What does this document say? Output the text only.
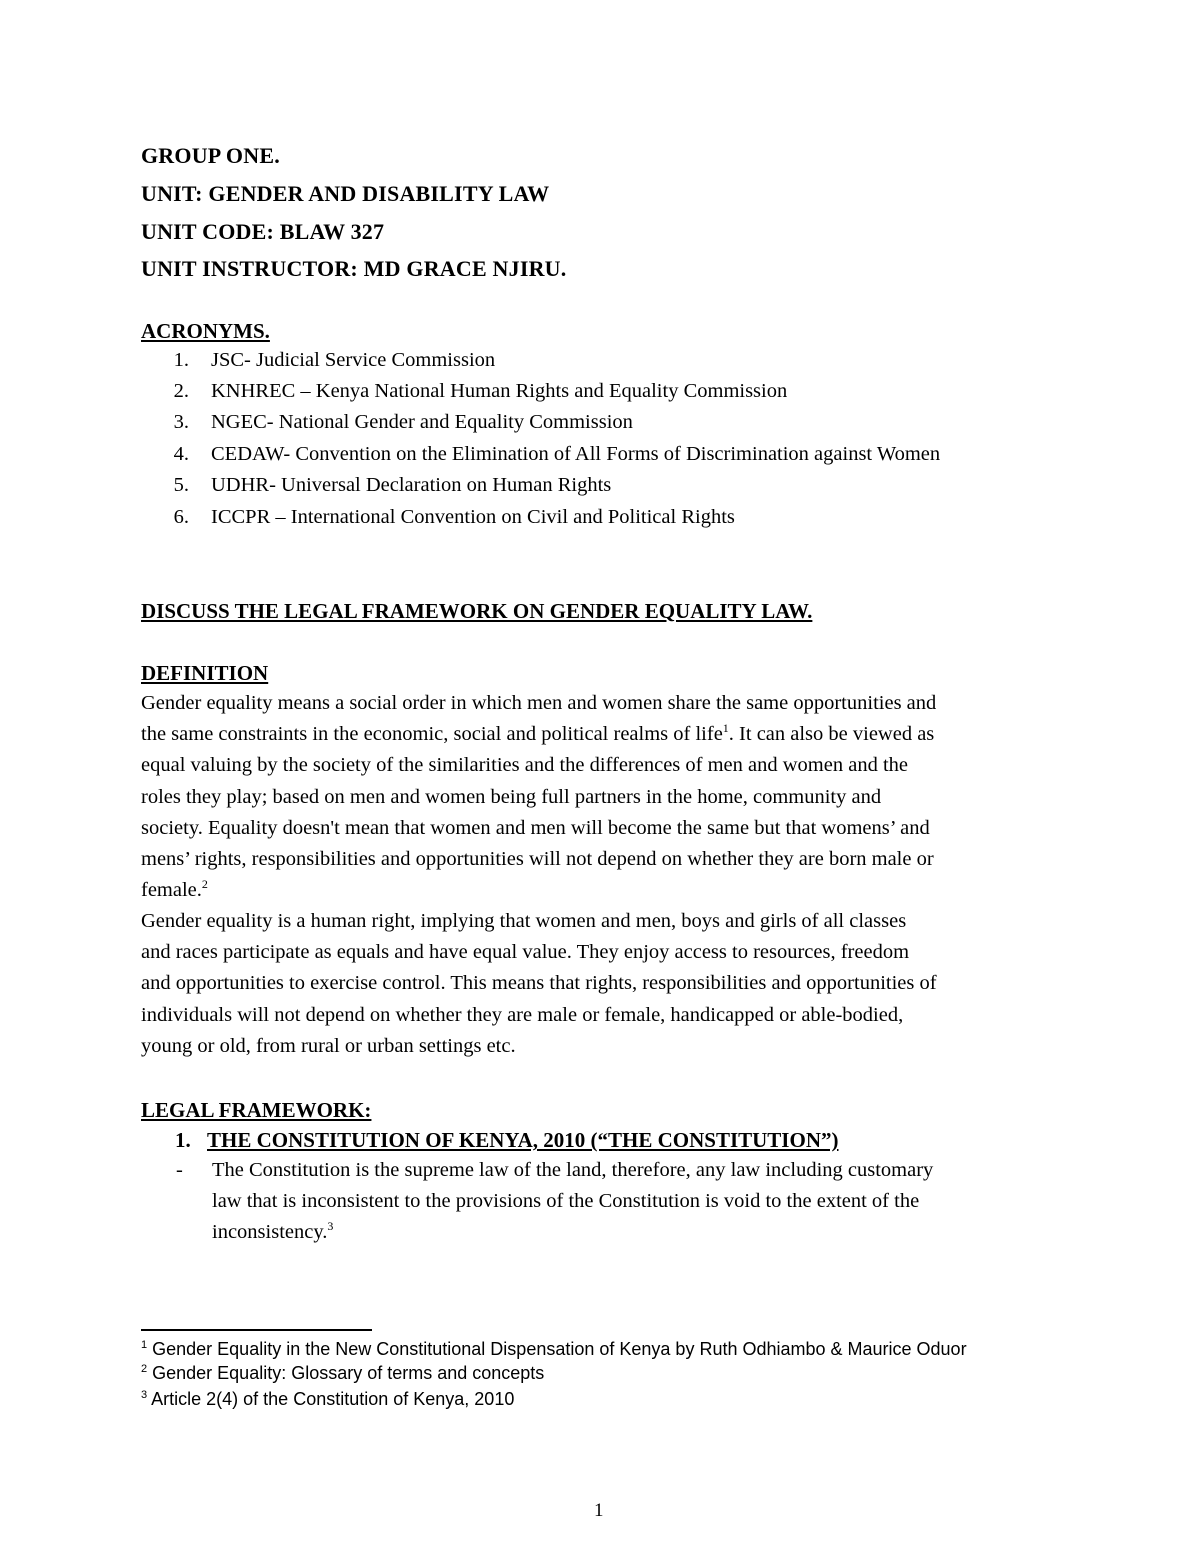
GROUP ONE.
UNIT: GENDER AND DISABILITY LAW
UNIT CODE: BLAW 327
UNIT INSTRUCTOR: MD GRACE NJIRU.
ACRONYMS.
1. JSC- Judicial Service Commission
2. KNHREC – Kenya National Human Rights and Equality Commission
3. NGEC- National Gender and Equality Commission
4. CEDAW- Convention on the Elimination of All Forms of Discrimination against Women
5. UDHR- Universal Declaration on Human Rights
6. ICCPR – International Convention on Civil and Political Rights
DISCUSS THE LEGAL FRAMEWORK ON GENDER EQUALITY LAW.
DEFINITION
Gender equality means a social order in which men and women share the same opportunities and
the same constraints in the economic, social and political realms of life$^1$. It can also be viewed as
equal valuing by the society of the similarities and the differences of men and women and the
roles they play; based on men and women being full partners in the home, community and
society. Equality doesn't mean that women and men will become the same but that womens’ and
mens’ rights, responsibilities and opportunities will not depend on whether they are born male or
female.$^2$
Gender equality is a human right, implying that women and men, boys and girls of all classes
and races participate as equals and have equal value. They enjoy access to resources, freedom
and opportunities to exercise control. This means that rights, responsibilities and opportunities of
individuals will not depend on whether they are male or female, handicapped or able-bodied,
young or old, from rural or urban settings etc.
LEGAL FRAMEWORK:
1. THE CONSTITUTION OF KENYA, 2010 (“THE CONSTITUTION”)
- The Constitution is the supreme law of the land, therefore, any law including customary
law that is inconsistent to the provisions of the Constitution is void to the extent of the
inconsistency.$^3$
$^1$ Gender Equality in the New Constitutional Dispensation of Kenya by Ruth Odhiambo & Maurice Oduor
$^2$ Gender Equality: Glossary of terms and concepts
$^3$ Article 2(4) of the Constitution of Kenya, 2010
1
